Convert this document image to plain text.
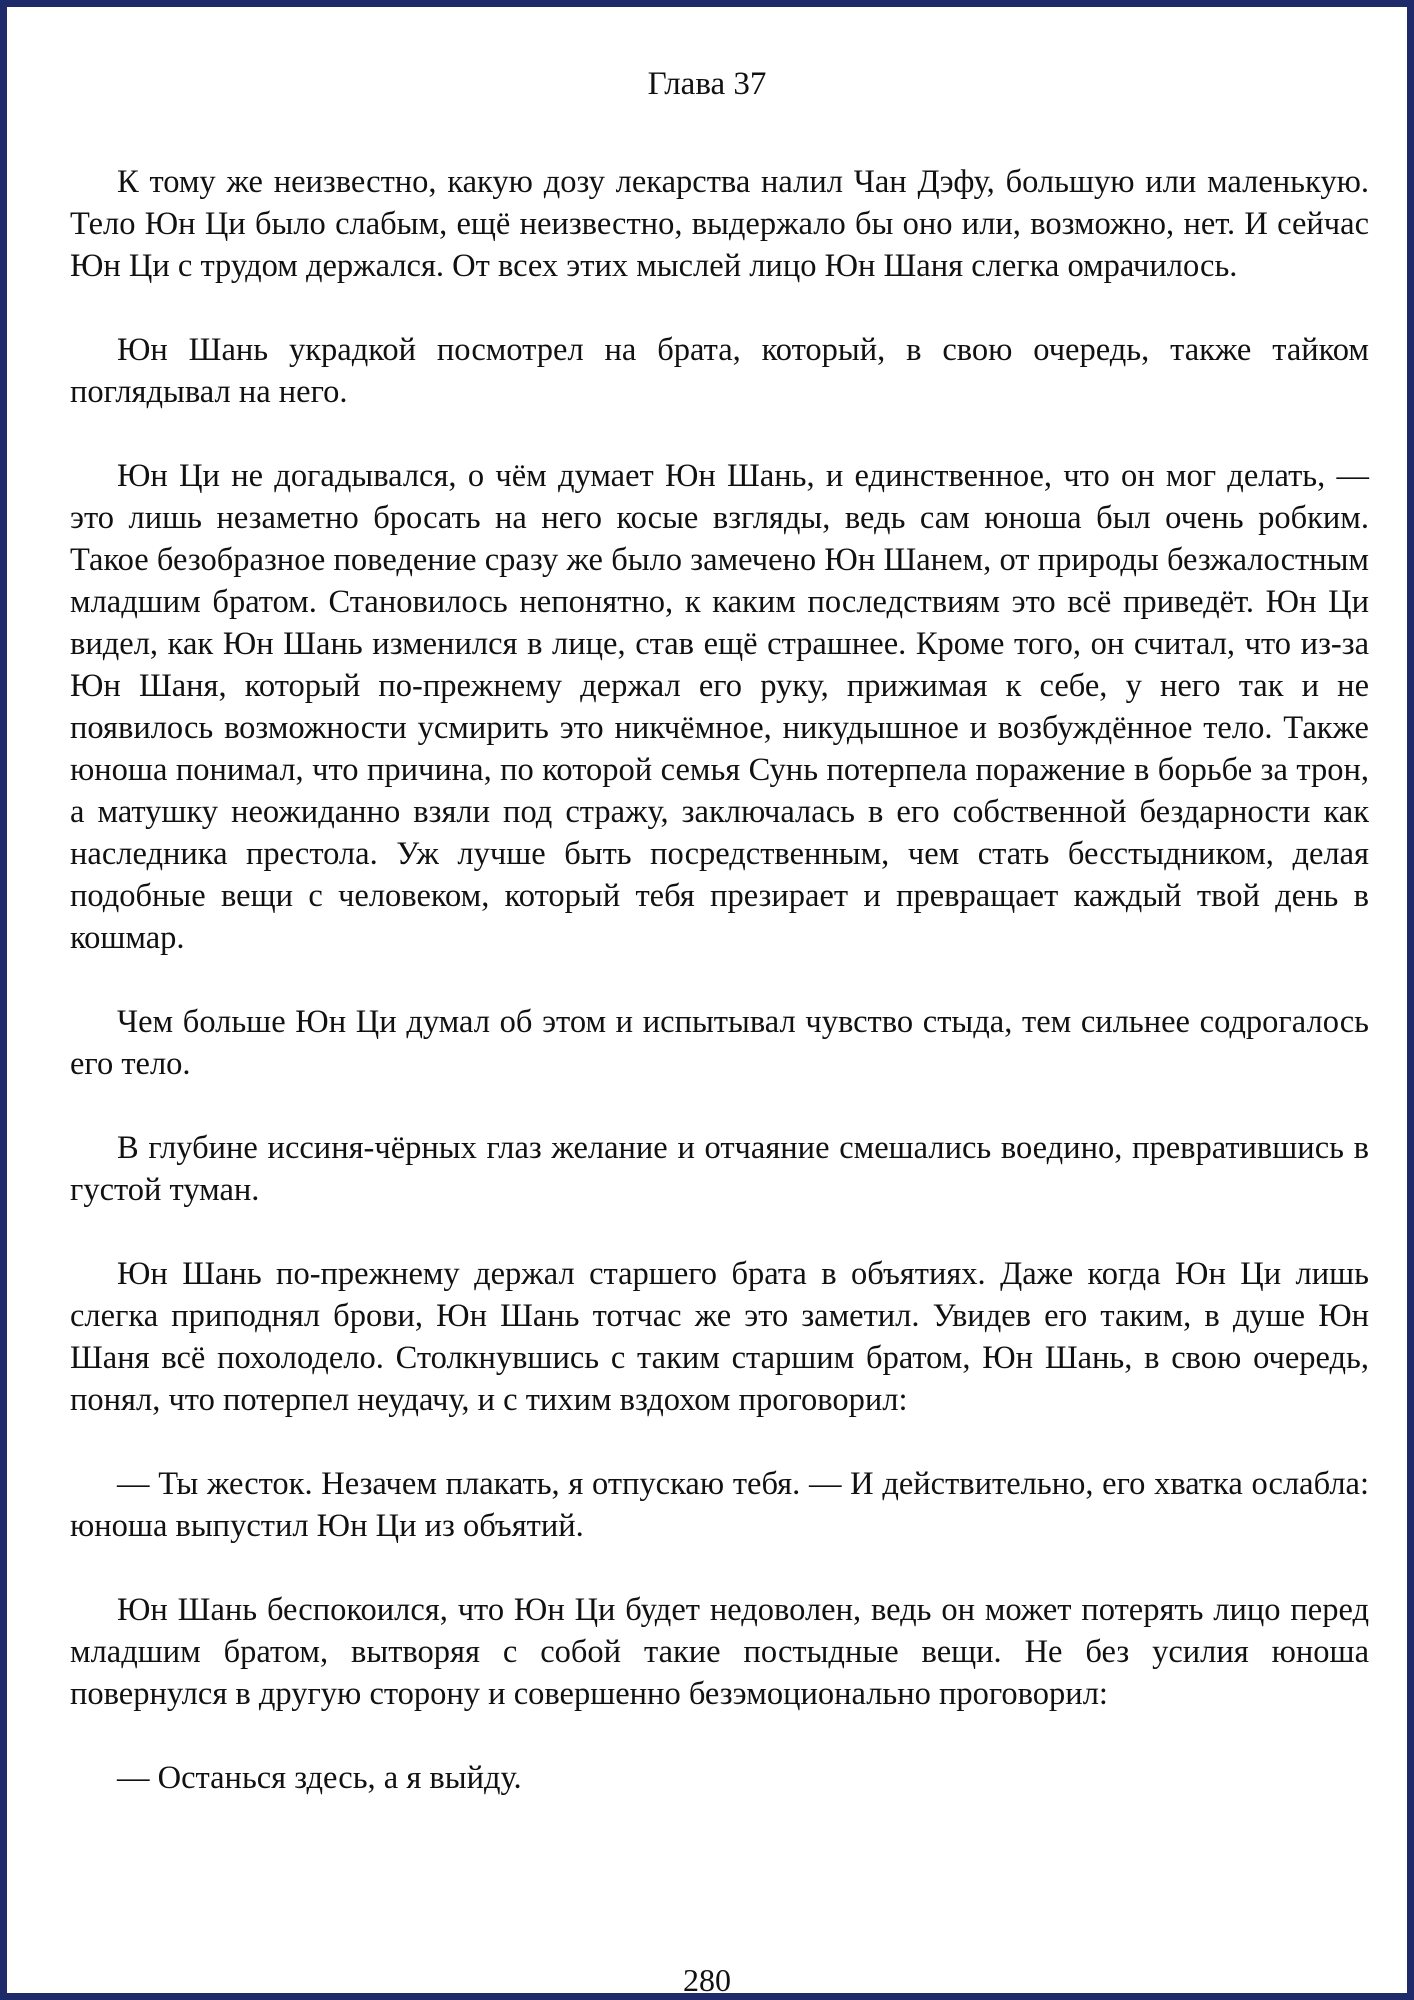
Глава 37

К тому же неизвестно, какую дозу лекарства налил Чан Дэфу, большую или маленькую. Тело Юн Ци было слабым, ещё неизвестно, выдержало бы оно или, возможно, нет. И сейчас Юн Ци с трудом держался. От всех этих мыслей лицо Юн Шаня слегка омрачилось.

Юн Шань украдкой посмотрел на брата, который, в свою очередь, также тайком поглядывал на него.

Юн Ци не догадывался, о чём думает Юн Шань, и единственное, что он мог делать, — это лишь незаметно бросать на него косые взгляды, ведь сам юноша был очень робким. Такое безобразное поведение сразу же было замечено Юн Шанем, от природы безжалостным младшим братом. Становилось непонятно, к каким последствиям это всё приведёт. Юн Ци видел, как Юн Шань изменился в лице, став ещё страшнее. Кроме того, он считал, что из-за Юн Шаня, который по-прежнему держал его руку, прижимая к себе, у него так и не появилось возможности усмирить это никчёмное, никудышное и возбуждённое тело. Также юноша понимал, что причина, по которой семья Сунь потерпела поражение в борьбе за трон, а матушку неожиданно взяли под стражу, заключалась в его собственной бездарности как наследника престола. Уж лучше быть посредственным, чем стать бесстыдником, делая подобные вещи с человеком, который тебя презирает и превращает каждый твой день в кошмар.

Чем больше Юн Ци думал об этом и испытывал чувство стыда, тем сильнее содрогалось его тело.

В глубине иссиня-чёрных глаз желание и отчаяние смешались воедино, превратившись в густой туман.

Юн Шань по-прежнему держал старшего брата в объятиях. Даже когда Юн Ци лишь слегка приподнял брови, Юн Шань тотчас же это заметил. Увидев его таким, в душе Юн Шаня всё похолодело. Столкнувшись с таким старшим братом, Юн Шань, в свою очередь, понял, что потерпел неудачу, и с тихим вздохом проговорил:

— Ты жесток. Незачем плакать, я отпускаю тебя. — И действительно, его хватка ослабла: юноша выпустил Юн Ци из объятий.

Юн Шань беспокоился, что Юн Ци будет недоволен, ведь он может потерять лицо перед младшим братом, вытворяя с собой такие постыдные вещи. Не без усилия юноша повернулся в другую сторону и совершенно безэмоционально проговорил:

— Останься здесь, а я выйду.

280
